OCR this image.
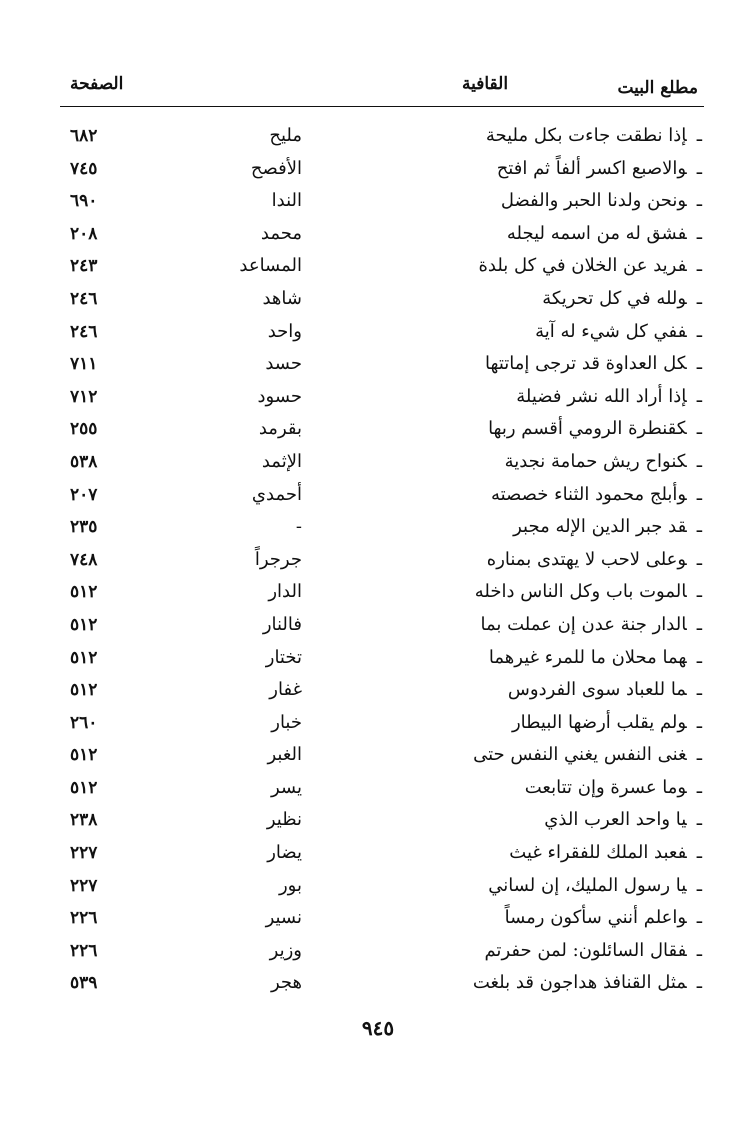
مطلع البيت
القافية
الصفحة
ـإذا نطقت جاءت بكل مليحة
مليح
٦٨٢
ـوالاصبع اكسر ألفاً ثم افتح
الأفصح
٧٤٥
ـونحن ولدنا الحبر والفضل
الندا
٦٩٠
ـفشق له من اسمه ليجله
محمد
٢٠٨
ـفريد عن الخلان في كل بلدة
المساعد
٢٤٣
ـولله في كل تحريكة
شاهد
٢٤٦
ـففي كل شيء له آية
واحد
٢٤٦
ـكل العداوة قد ترجى إماتتها
حسد
٧١١
ـإذا أراد الله نشر فضيلة
حسود
٧١٢
ـكقنطرة الرومي أقسم ربها
بقرمد
٢٥٥
ـكنواح ريش حمامة نجدية
الإثمد
٥٣٨
ـوأبلج محمود الثناء خصصته
أحمدي
٢٠٧
ـقد جبر الدين الإله مجبر
-
٢٣٥
ـوعلى لاحب لا يهتدى بمناره
جرجراً
٧٤٨
ـالموت باب وكل الناس داخله
الدار
٥١٢
ـالدار جنة عدن إن عملت بما
فالنار
٥١٢
ـهما محلان ما للمرء غيرهما
تختار
٥١٢
ـما للعباد سوى الفردوس
غفار
٥١٢
ـولم يقلب أرضها البيطار
خبار
٢٦٠
ـغنى النفس يغني النفس حتى
الغبر
٥١٢
ـوما عسرة وإن تتابعت
يسر
٥١٢
ـيا واحد العرب الذي
نظير
٢٣٨
ـفعبد الملك للفقراء غيث
يضار
٢٢٧
ـيا رسول المليك، إن لساني
بور
٢٢٧
ـواعلم أنني سأكون رمساً
نسير
٢٢٦
ـفقال السائلون: لمن حفرتم
وزير
٢٢٦
ـمثل القنافذ هداجون قد بلغت
هجر
٥٣٩
٩٤٥
